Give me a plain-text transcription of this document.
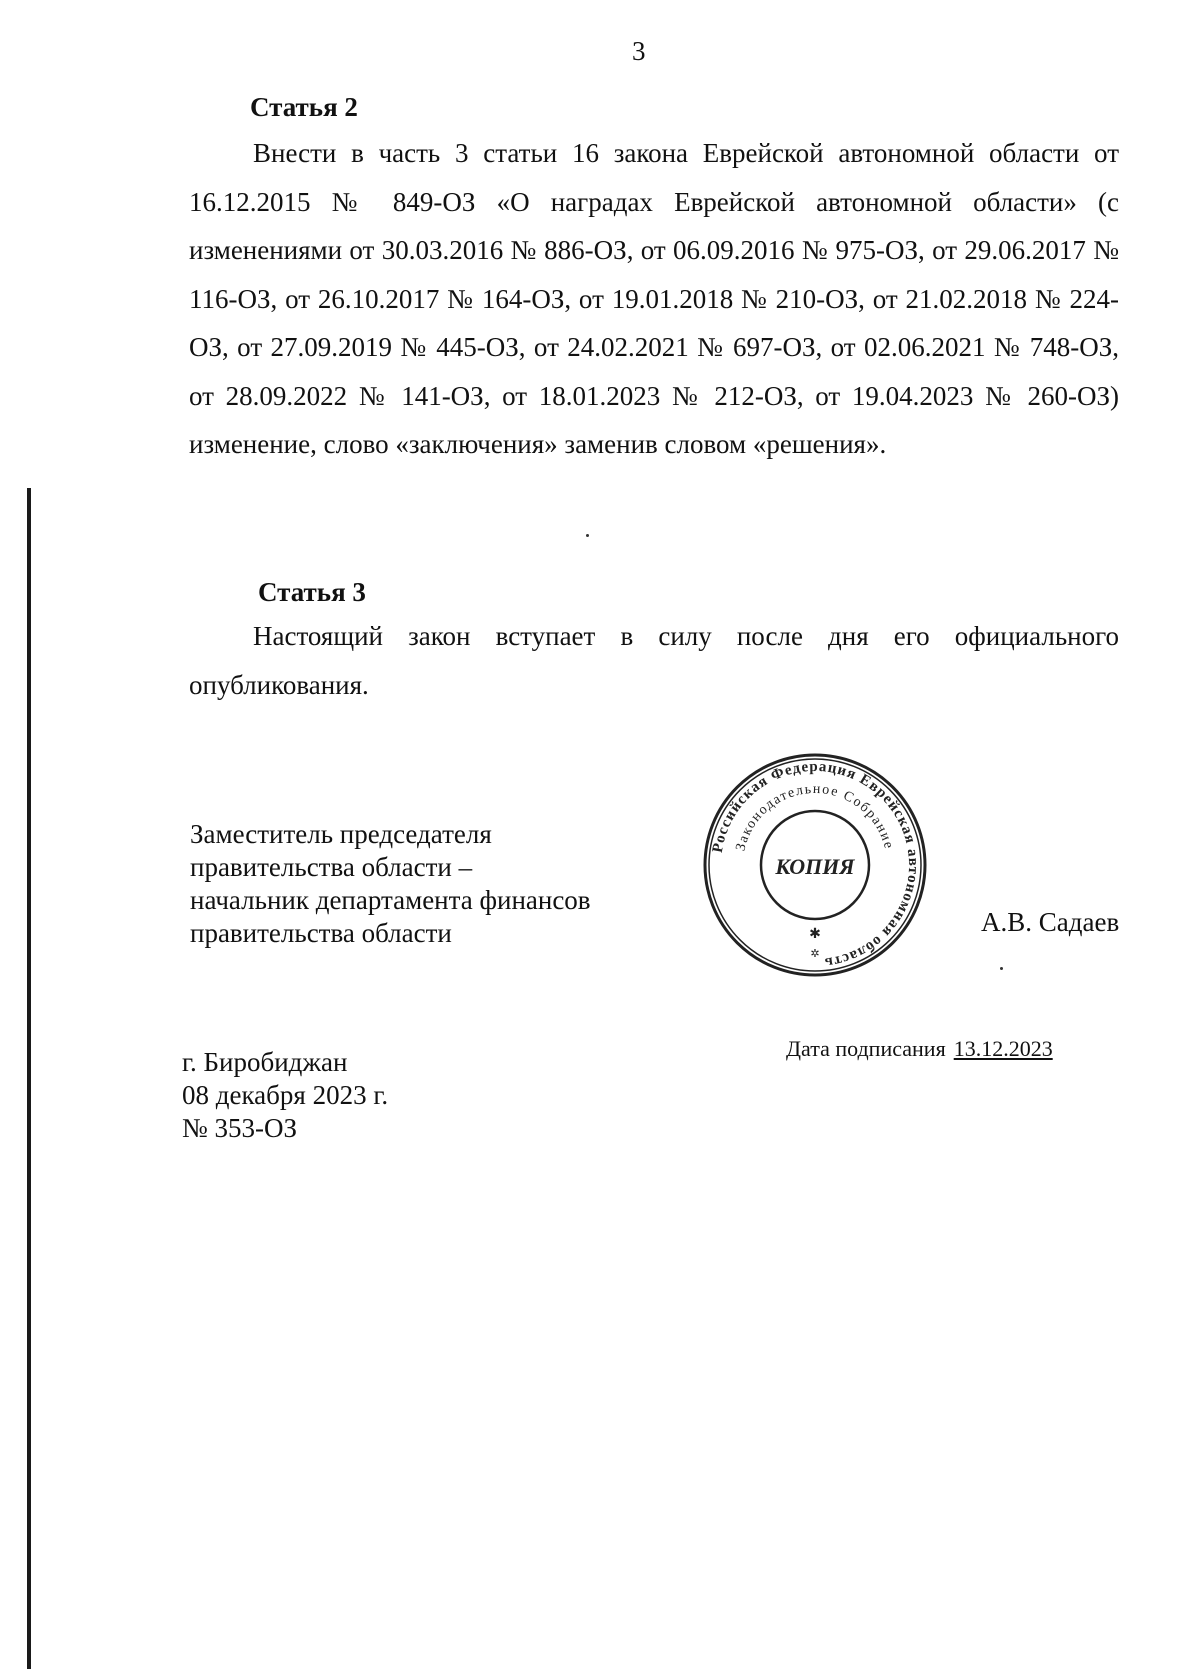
3
Статья 2
Внести в часть 3 статьи 16 закона Еврейской автономной области от 16.12.2015 № 849-ОЗ «О наградах Еврейской автономной области» (с изменениями от 30.03.2016 № 886-ОЗ, от 06.09.2016 № 975-ОЗ, от 29.06.2017 № 116-ОЗ, от 26.10.2017 № 164-ОЗ, от 19.01.2018 № 210-ОЗ, от 21.02.2018 № 224-ОЗ, от 27.09.2019 № 445-ОЗ, от 24.02.2021 № 697-ОЗ, от 02.06.2021 № 748-ОЗ, от 28.09.2022 № 141-ОЗ, от 18.01.2023 № 212-ОЗ, от 19.04.2023 № 260-ОЗ) изменение, слово «заключения» заменив словом «решения».
Статья 3
Настоящий закон вступает в силу после дня его официального опубликования.
Заместитель председателя
правительства области –
начальник департамента финансов
правительства области
Российская Федерация Еврейская автономная область
Законодательное Собрание
КОПИЯ
✱
✲
А.В. Садаев
г. Биробиджан
08 декабря 2023 г.
№ 353-ОЗ
Дата подписания 13.12.2023
